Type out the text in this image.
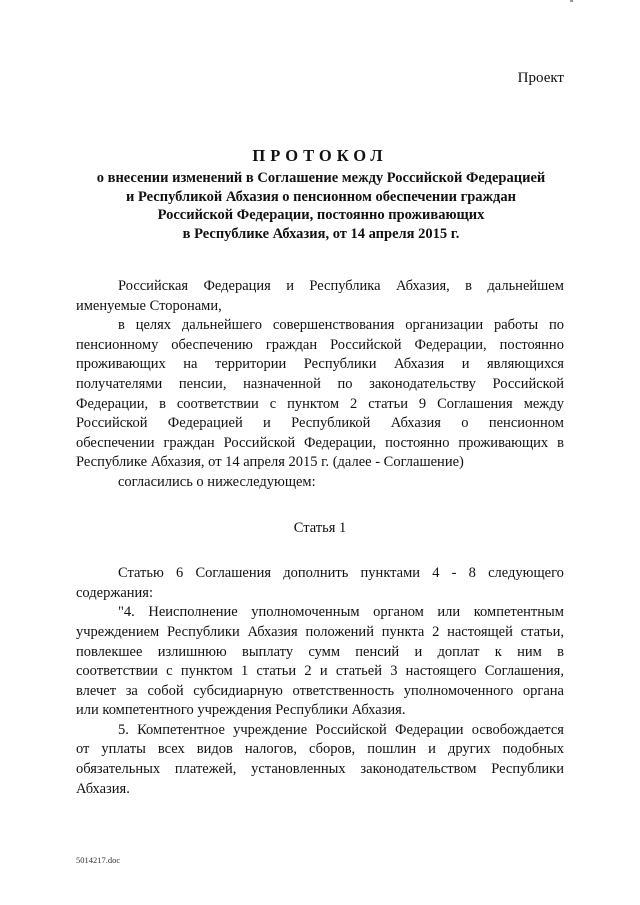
Проект
ПРОТОКОЛ
о внесении изменений в Соглашение между Российской Федерацией
и Республикой Абхазия о пенсионном обеспечении граждан
Российской Федерации, постоянно проживающих
в Республике Абхазия, от 14 апреля 2015 г.
Российская Федерация и Республика Абхазия, в дальнейшем
именуемые Сторонами,
в целях дальнейшего совершенствования организации работы по
пенсионному обеспечению граждан Российской Федерации, постоянно
проживающих на территории Республики Абхазия и являющихся
получателями пенсии, назначенной по законодательству Российской
Федерации, в соответствии с пунктом 2 статьи 9 Соглашения между
Российской Федерацией и Республикой Абхазия о пенсионном
обеспечении граждан Российской Федерации, постоянно проживающих в
Республике Абхазия, от 14 апреля 2015 г. (далее - Соглашение)
согласились о нижеследующем:
Статья 1
Статью 6 Соглашения дополнить пунктами 4 - 8 следующего
содержания:
"4. Неисполнение уполномоченным органом или компетентным
учреждением Республики Абхазия положений пункта 2 настоящей статьи,
повлекшее излишнюю выплату сумм пенсий и доплат к ним в
соответствии с пунктом 1 статьи 2 и статьей 3 настоящего Соглашения,
влечет за собой субсидиарную ответственность уполномоченного органа
или компетентного учреждения Республики Абхазия.
5. Компетентное учреждение Российской Федерации освобождается
от уплаты всех видов налогов, сборов, пошлин и других подобных
обязательных платежей, установленных законодательством Республики
Абхазия.
5014217.doc
